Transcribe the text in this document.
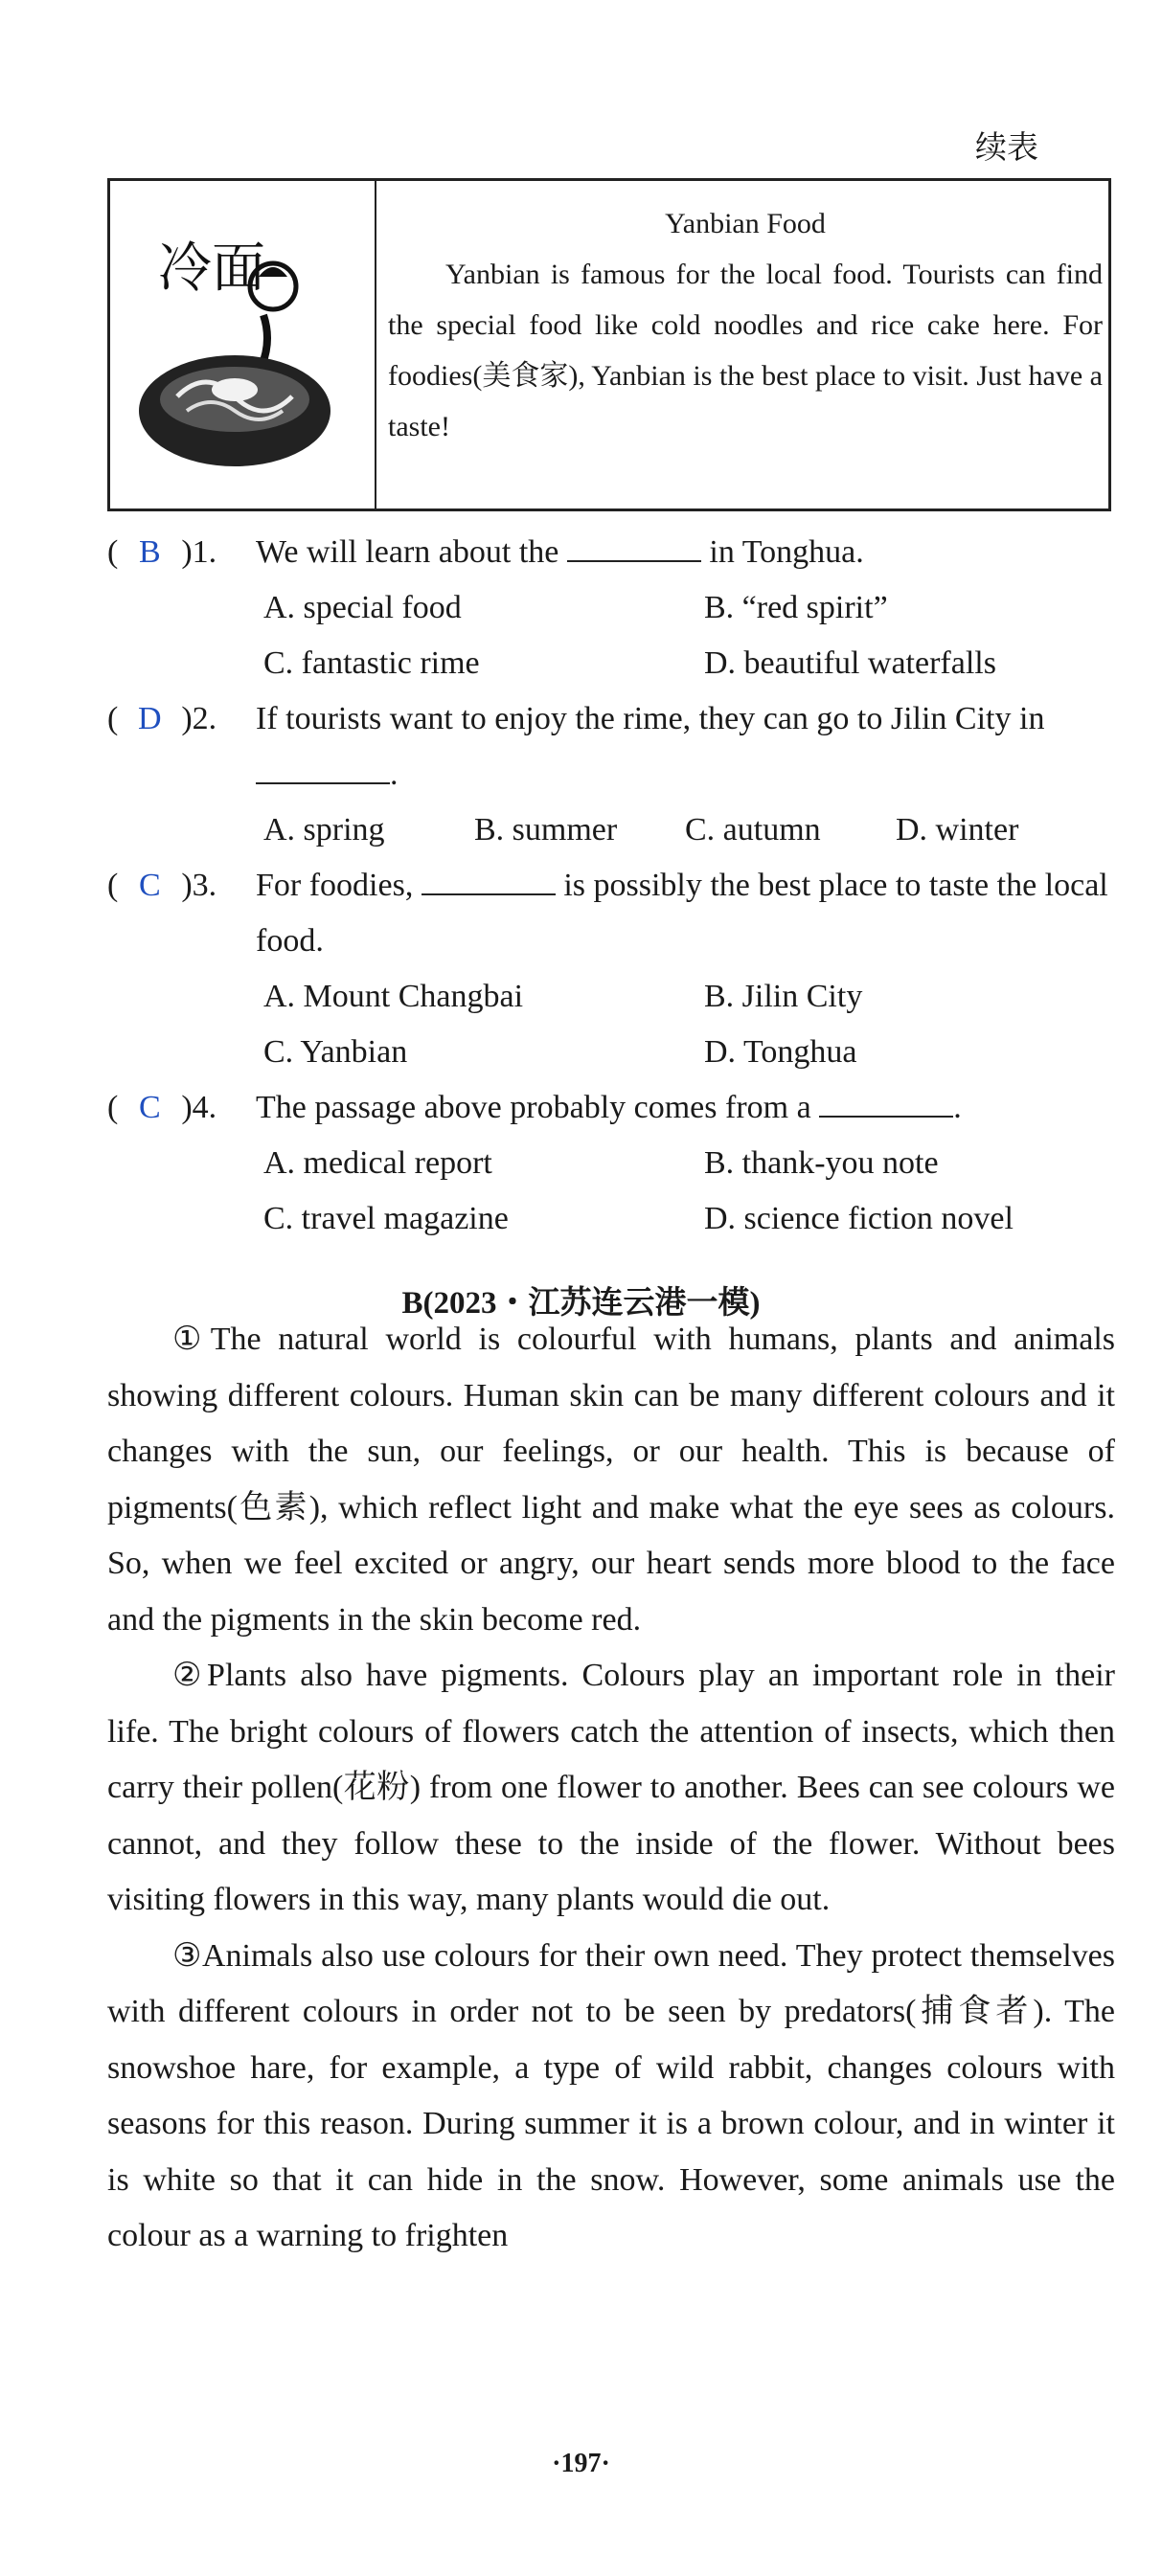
续表
冷面
Yanbian Food
Yanbian is famous for the local food. Tourists can find the special food like cold noodles and rice cake here. For foodies(美食家), Yanbian is the best place to visit. Just have a taste!
( B )1.	We will learn about the	in Tonghua.
A. special food	B. “red spirit”
C. fantastic rime	D. beautiful waterfalls
( D )2.	If tourists want to enjoy the rime, they can go to Jilin City in .
A. spring	B. summer	C. autumn	D. winter
( C )3.	For foodies,	is possibly the best place to taste the local food.
A. Mount Changbai	B. Jilin City
C. Yanbian	D. Tonghua
( C )4.	The passage above probably comes from a	.
A. medical report	B. thank-you note
C. travel magazine	D. science fiction novel
B(2023・江苏连云港一模)

①The natural world is colourful with humans, plants and animals showing different colours. Human skin can be many different colours and it changes with the sun, our feelings, or our health. This is because of pigments(色素), which reflect light and make what the eye sees as colours. So, when we feel excited or angry, our heart sends more blood to the face and the pigments in the skin become red.

②Plants also have pigments. Colours play an important role in their life. The bright colours of flowers catch the attention of insects, which then carry their pollen(花粉) from one flower to another. Bees can see colours we cannot, and they follow these to the inside of the flower. Without bees visiting flowers in this way, many plants would die out.

③Animals also use colours for their own need. They protect themselves with different colours in order not to be seen by predators(捕食者). The snowshoe hare, for example, a type of wild rabbit, changes colours with seasons for this reason. During summer it is a brown colour, and in winter it is white so that it can hide in the snow. However, some animals use the colour as a warning to frighten

·197·
